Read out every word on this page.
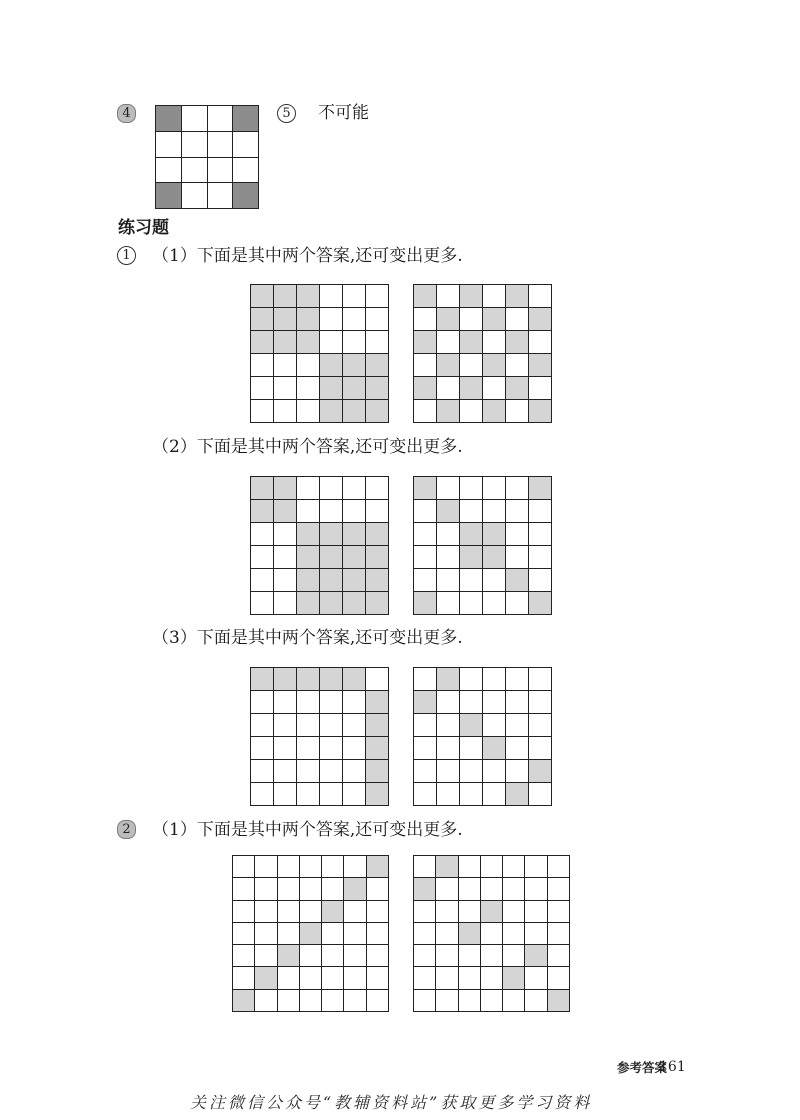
4	5	不可能
练习题
1	（1）下面是其中两个答案,还可变出更多.
（2）下面是其中两个答案,还可变出更多.
（3）下面是其中两个答案,还可变出更多.
2	（1）下面是其中两个答案,还可变出更多.
参考答案
161
关注微信公众号“教辅资料站”获取更多学习资料
